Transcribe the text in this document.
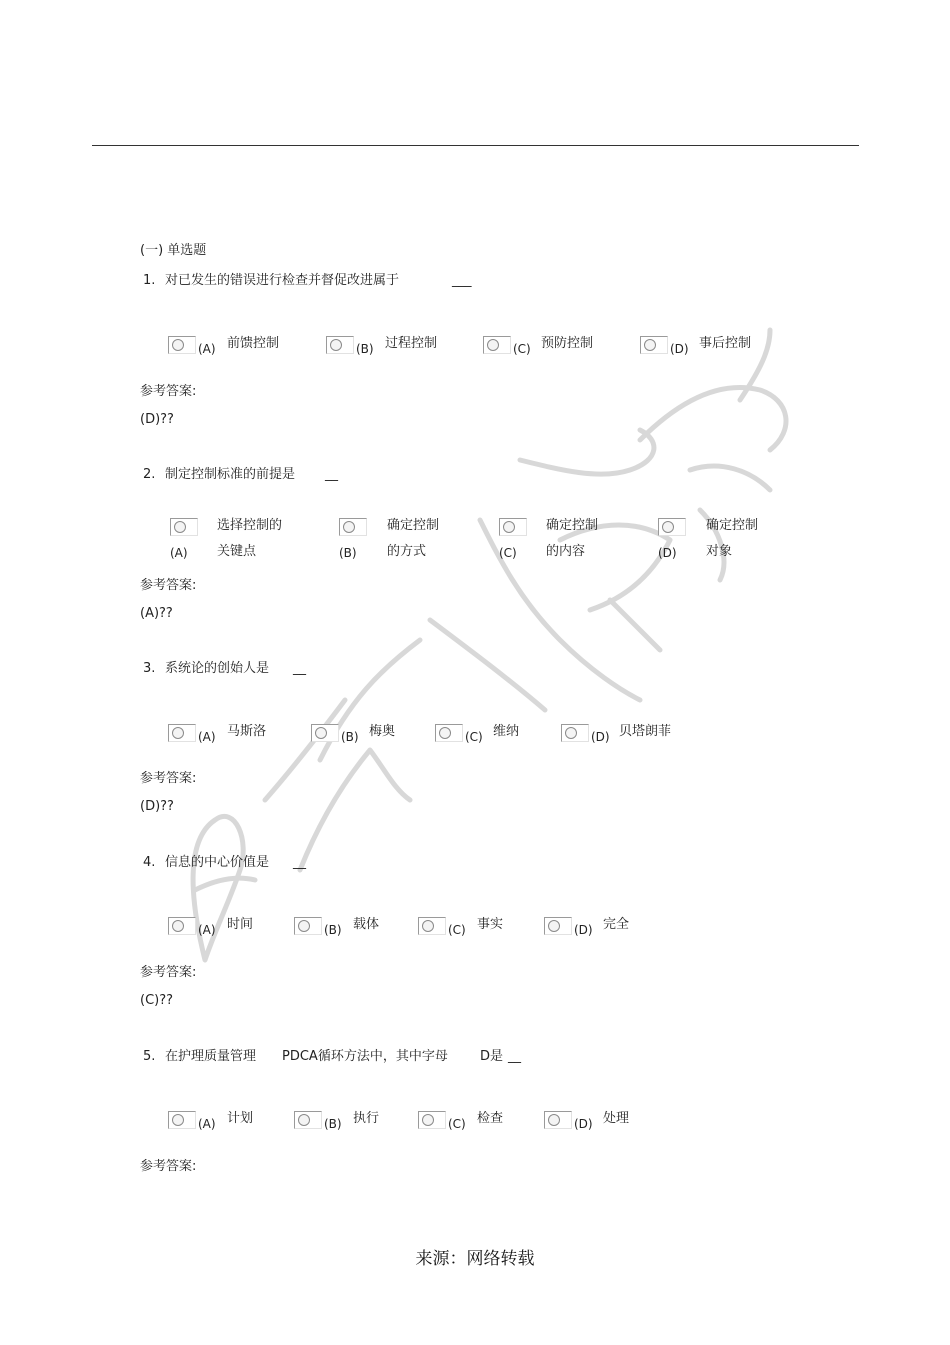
(一) 单选题
1. 对已发生的错误进行检查并督促改进属于	___
(A) 前馈控制	(B) 过程控制	(C) 预防控制	(D) 事后控制
参考答案:
(D)??
2. 制定控制标准的前提是 __
(A)
选择控制的
关键点	(B)
确定控制
的方式	(C)
确定控制
的内容	(D)
确定控制
对象
参考答案:
(A)??
3. 系统论的创始人是 __
(A) 马斯洛	(B) 梅奥	(C) 维纳	(D) 贝塔朗菲
参考答案:
(D)??
4. 信息的中心价值是 __
(A) 时间	(B) 载体	(C) 事实	(D) 完全
参考答案:
(C)??
5. 在护理质量管理 PDCA循环方法中，其中字母 D是 __
(A) 计划	(B) 执行	(C) 检查	(D) 处理
参考答案:
来源：网络转载
